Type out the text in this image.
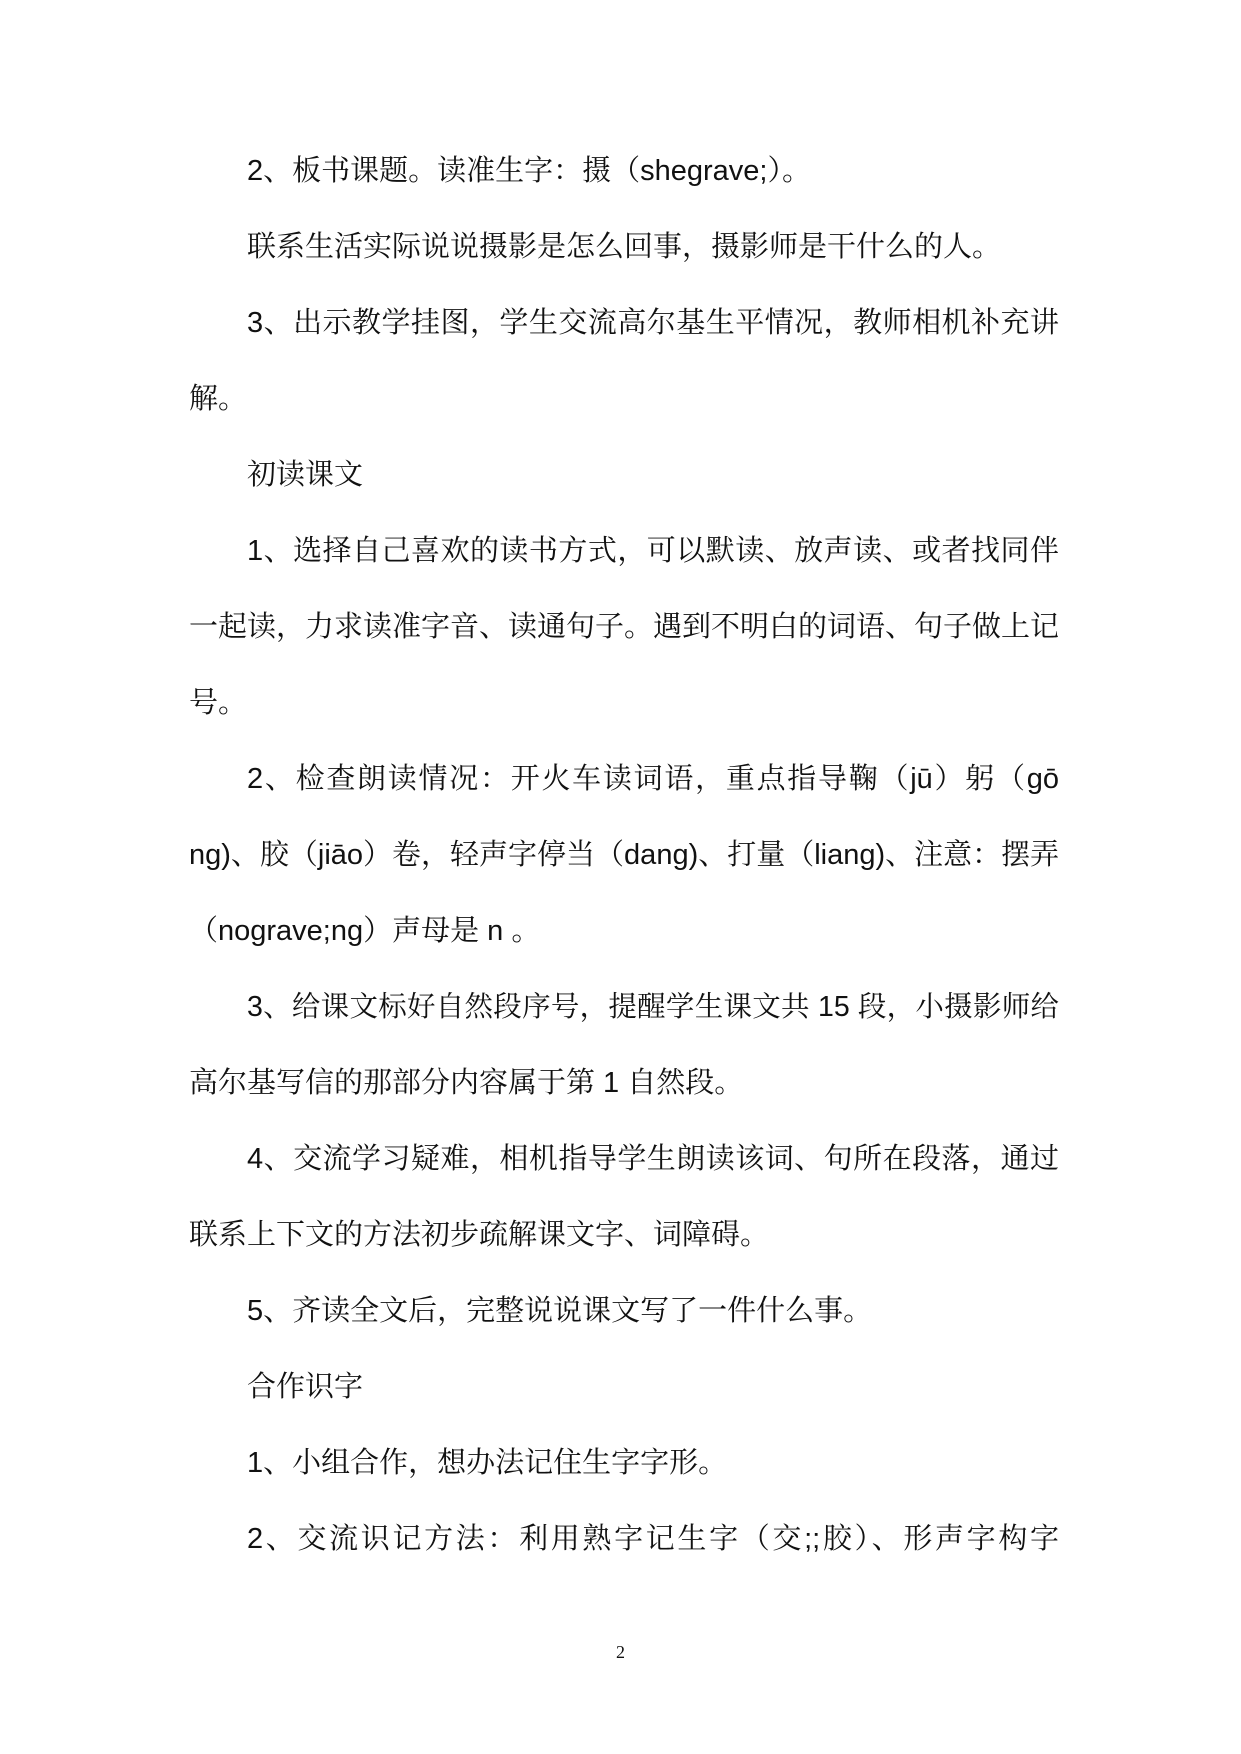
2、板书课题。读准生字：摄（shegrave;）。
联系生活实际说说摄影是怎么回事，摄影师是干什么的人。
3、出示教学挂图，学生交流高尔基生平情况，教师相机补充讲
解。
初读课文
1、选择自己喜欢的读书方式，可以默读、放声读、或者找同伴
一起读，力求读准字音、读通句子。遇到不明白的词语、句子做上记
号。
2、检查朗读情况：开火车读词语，重点指导鞠（jū）躬（gō
ng)、胶（jiāo）卷，轻声字停当（dang)、打量（liang)、注意：摆弄
（nograve;ng）声母是 n 。
3、给课文标好自然段序号，提醒学生课文共 15 段，小摄影师给
高尔基写信的那部分内容属于第 1 自然段。
4、交流学习疑难，相机指导学生朗读该词、句所在段落，通过
联系上下文的方法初步疏解课文字、词障碍。
5、齐读全文后，完整说说课文写了一件什么事。
合作识字
1、小组合作，想办法记住生字字形。
2、交流识记方法：利用熟字记生字（交;;胶）、形声字构字
2
